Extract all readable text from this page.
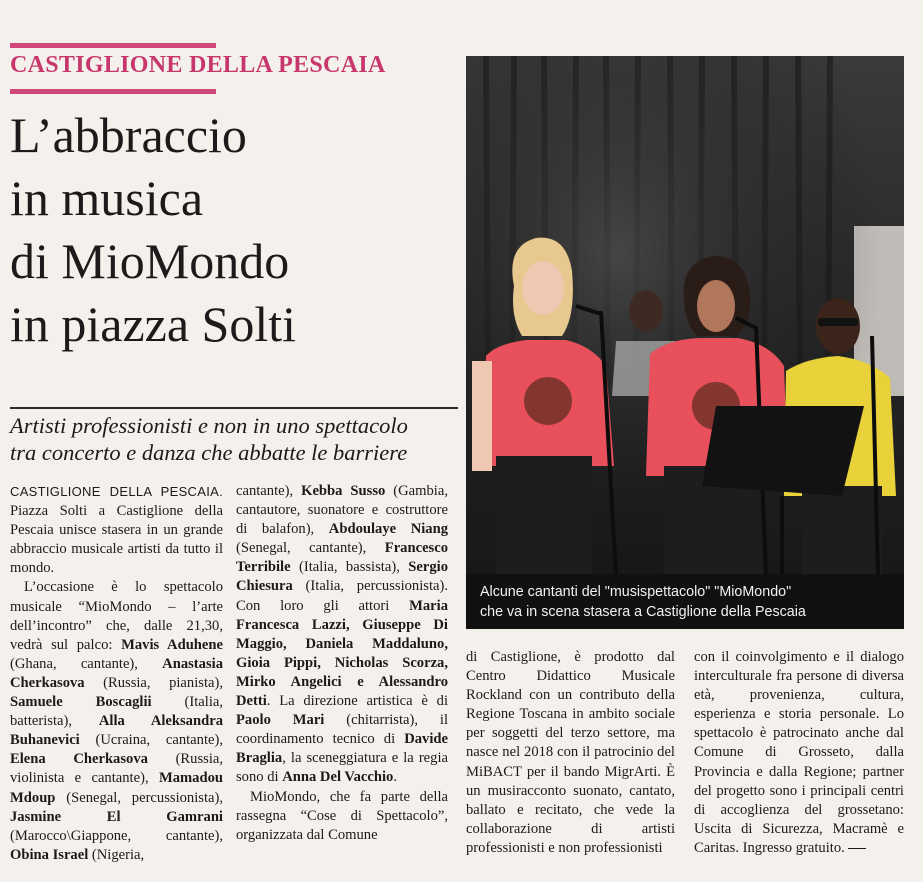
CASTIGLIONE DELLA PESCAIA
L’abbraccio
in musica
di MioMondo
in piazza Solti
Artisti professionisti e non in uno spettacolo
tra concerto e danza che abbatte le barriere

CASTIGLIONE DELLA PESCAIA. Piazza Solti a Castiglione della Pescaia unisce stasera in un grande abbraccio musicale artisti da tutto il mondo.

L’occasione è lo spettacolo musicale “MioMondo – l’arte dell’incontro” che, dalle 21,30, vedrà sul palco: Mavis Aduhene (Ghana, cantante), Anastasia Cherkasova (Russia, pianista), Samuele Boscaglii (Italia, batterista), Alla Aleksandra Buhanevici (Ucraina, cantante), Elena Cherkasova (Russia, violinista e cantante), Mamadou Mdoup (Senegal, percussionista), Jasmine El Gamrani (Marocco\Giappone, cantante), Obina Israel (Nigeria,

cantante), Kebba Susso (Gambia, cantautore, suonatore e costruttore di balafon), Abdoulaye Niang (Senegal, cantante), Francesco Terribile (Italia, bassista), Sergio Chiesura (Italia, percussionista). Con loro gli attori Maria Francesca Lazzi, Giuseppe Di Maggio, Daniela Maddaluno, Gioia Pippi, Nicholas Scorza, Mirko Angelici e Alessandro Detti. La direzione artistica è di Paolo Mari (chitarrista), il coordinamento tecnico di Davide Braglia, la sceneggiatura e la regia sono di Anna Del Vacchio.

MioMondo, che fa parte della rassegna “Cose di Spettacolo”, organizzata dal Comune

di Castiglione, è prodotto dal Centro Didattico Musicale Rockland con un contributo della Regione Toscana in ambito sociale per soggetti del terzo settore, ma nasce nel 2018 con il patrocinio del MiBACT per il bando MigrArti. È un musiracconto suonato, cantato, ballato e recitato, che vede la collaborazione di artisti professionisti e non professionisti

con il coinvolgimento e il dialogo interculturale fra persone di diversa età, provenienza, cultura, esperienza e storia personale. Lo spettacolo è patrocinato anche dal Comune di Grosseto, dalla Provincia e dalla Regione; partner del progetto sono i principali centri di accoglienza del grossetano: Uscita di Sicurezza, Macramè e Caritas. Ingresso gratuito.

Alcune cantanti del "musispettacolo" "MioMondo"
che va in scena stasera a Castiglione della Pescaia
